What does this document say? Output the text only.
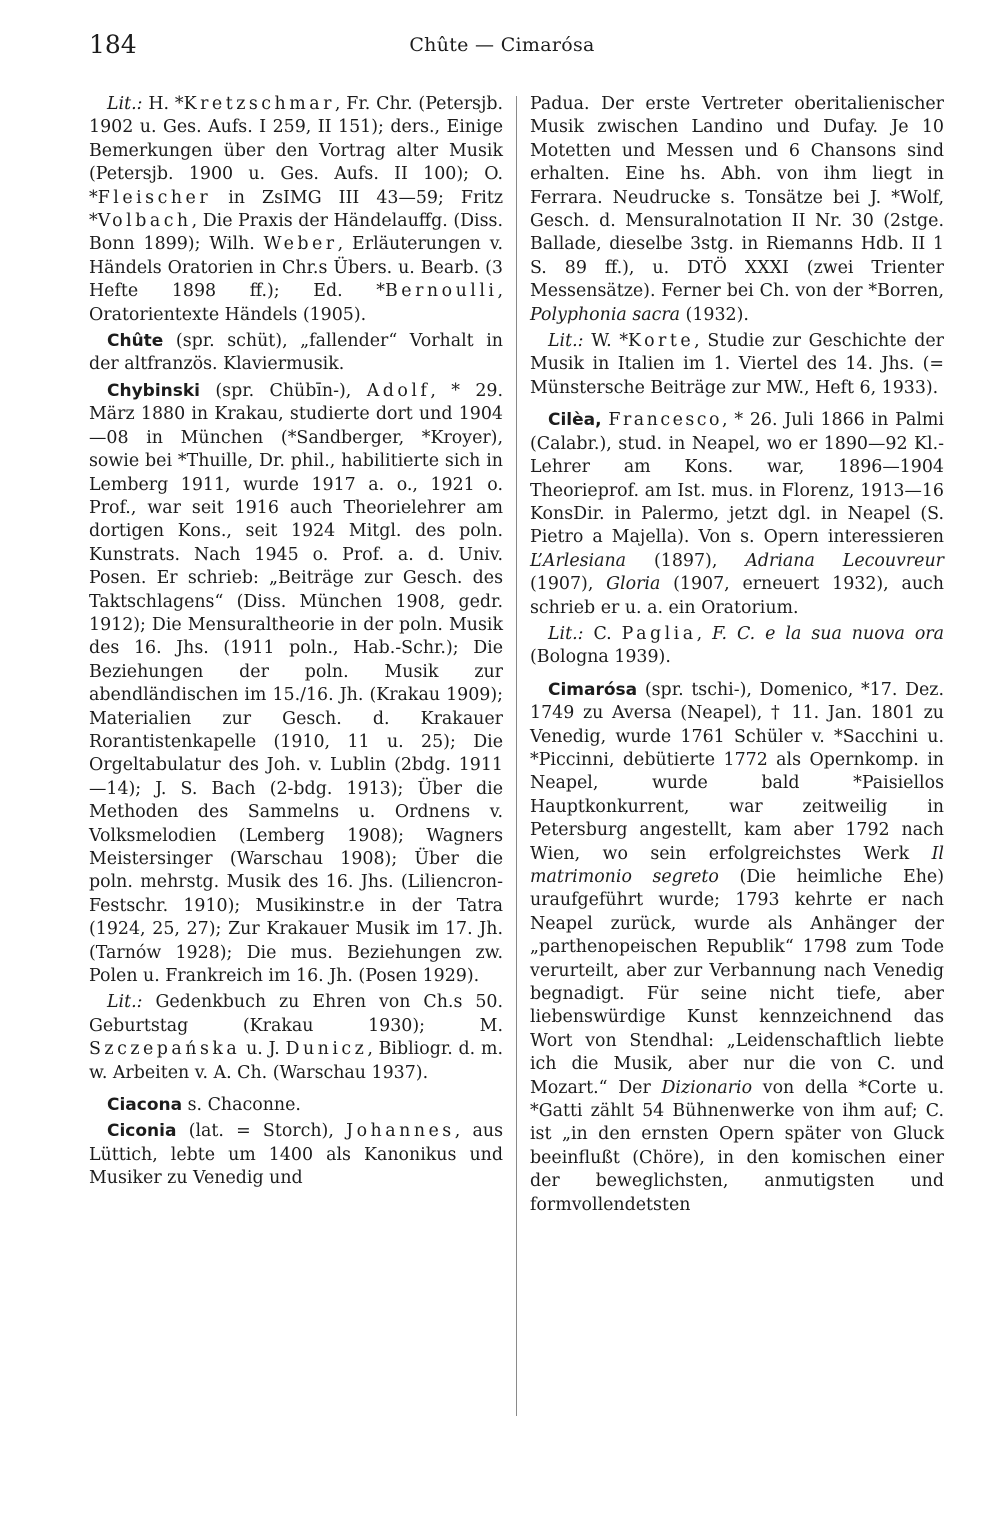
184	Chûte — Cimarósa

Lit.: H. *Kretzschmar, Fr. Chr. (Petersjb. 1902 u. Ges. Aufs. I 259, II 151); ders., Einige Bemerkungen über den Vortrag alter Musik (Petersjb. 1900 u. Ges. Aufs. II 100); O. *Fleischer in ZsIMG III 43—59; Fritz *Volbach, Die Praxis der Händelauffg. (Diss. Bonn 1899); Wilh. Weber, Erläuterungen v. Händels Oratorien in Chr.s Übers. u. Bearb. (3 Hefte 1898 ff.); Ed. *Bernoulli, Oratorientexte Händels (1905).

Chûte (spr. schüt), „fallender“ Vorhalt in der altfranzös. Klaviermusik.

Chybinski (spr. Chübīn-), Adolf, * 29. März 1880 in Krakau, studierte dort und 1904—08 in München (*Sandberger, *Kroyer), sowie bei *Thuille, Dr. phil., habilitierte sich in Lemberg 1911, wurde 1917 a. o., 1921 o. Prof., war seit 1916 auch Theorielehrer am dortigen Kons., seit 1924 Mitgl. des poln. Kunstrats. Nach 1945 o. Prof. a. d. Univ. Posen. Er schrieb: „Beiträge zur Gesch. des Taktschlagens“ (Diss. München 1908, gedr. 1912); Die Mensuraltheorie in der poln. Musik des 16. Jhs. (1911 poln., Hab.-Schr.); Die Beziehungen der poln. Musik zur abendländischen im 15./16. Jh. (Krakau 1909); Materialien zur Gesch. d. Krakauer Rorantistenkapelle (1910, 11 u. 25); Die Orgeltabulatur des Joh. v. Lublin (2bdg. 1911—14); J. S. Bach (2-bdg. 1913); Über die Methoden des Sammelns u. Ordnens v. Volksmelodien (Lemberg 1908); Wagners Meistersinger (Warschau 1908); Über die poln. mehrstg. Musik des 16. Jhs. (Liliencron-Festschr. 1910); Musikinstr.e in der Tatra (1924, 25, 27); Zur Krakauer Musik im 17. Jh. (Tarnów 1928); Die mus. Beziehungen zw. Polen u. Frankreich im 16. Jh. (Posen 1929).

Lit.: Gedenkbuch zu Ehren von Ch.s 50. Geburtstag (Krakau 1930); M. Szczepańska u. J. Dunicz, Bibliogr. d. m. w. Arbeiten v. A. Ch. (Warschau 1937).

Ciacona s. Chaconne.

Ciconia (lat. = Storch), Johannes, aus Lüttich, lebte um 1400 als Kanonikus und Musiker zu Venedig und

Padua. Der erste Vertreter oberitalienischer Musik zwischen Landino und Dufay. Je 10 Motetten und Messen und 6 Chansons sind erhalten. Eine hs. Abh. von ihm liegt in Ferrara. Neudrucke s. Tonsätze bei J. *Wolf, Gesch. d. Mensuralnotation II Nr. 30 (2stge. Ballade, dieselbe 3stg. in Riemanns Hdb. II 1 S. 89 ff.), u. DTÖ XXXI (zwei Trienter Messensätze). Ferner bei Ch. von der *Borren, Polyphonia sacra (1932).

Lit.: W. *Korte, Studie zur Geschichte der Musik in Italien im 1. Viertel des 14. Jhs. (= Münstersche Beiträge zur MW., Heft 6, 1933).

Cilèa, Francesco, * 26. Juli 1866 in Palmi (Calabr.), stud. in Neapel, wo er 1890—92 Kl.-Lehrer am Kons. war, 1896—1904 Theorieprof. am Ist. mus. in Florenz, 1913—16 KonsDir. in Palermo, jetzt dgl. in Neapel (S. Pietro a Majella). Von s. Opern interessieren L’Arlesiana (1897), Adriana Lecouvreur (1907), Gloria (1907, erneuert 1932), auch schrieb er u. a. ein Oratorium.

Lit.: C. Paglia, F. C. e la sua nuova ora (Bologna 1939).

Cimarósa (spr. tschi-), Domenico, *17. Dez. 1749 zu Aversa (Neapel), † 11. Jan. 1801 zu Venedig, wurde 1761 Schüler v. *Sacchini u. *Piccinni, debütierte 1772 als Opernkomp. in Neapel, wurde bald *Paisiellos Hauptkonkurrent, war zeitweilig in Petersburg angestellt, kam aber 1792 nach Wien, wo sein erfolgreichstes Werk Il matrimonio segreto (Die heimliche Ehe) uraufgeführt wurde; 1793 kehrte er nach Neapel zurück, wurde als Anhänger der „parthenopeischen Republik“ 1798 zum Tode verurteilt, aber zur Verbannung nach Venedig begnadigt. Für seine nicht tiefe, aber liebenswürdige Kunst kennzeichnend das Wort von Stendhal: „Leidenschaftlich liebte ich die Musik, aber nur die von C. und Mozart.“ Der Dizionario von della *Corte u. *Gatti zählt 54 Bühnenwerke von ihm auf; C. ist „in den ernsten Opern später von Gluck beeinflußt (Chöre), in den komischen einer der beweglichsten, anmutigsten und formvollendetsten
